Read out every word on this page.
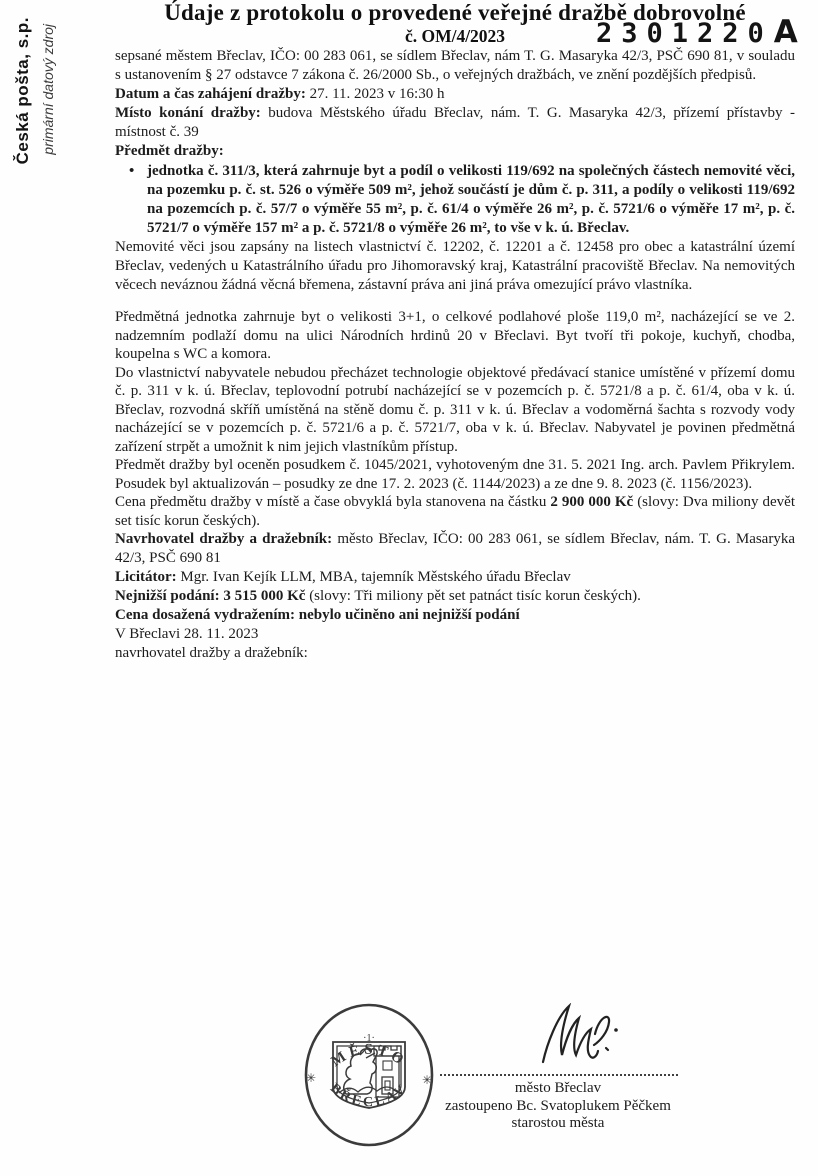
2301220A
Česká pošta, s.p. primární datový zdroj

Údaje z protokolu o provedené veřejné dražbě dobrovolné

č. OM/4/2023

sepsané městem Břeclav, IČO: 00 283 061, se sídlem Břeclav, nám T. G. Masaryka 42/3, PSČ 690 81, v souladu s ustanovením § 27 odstavce 7 zákona č. 26/2000 Sb., o veřejných dražbách, ve znění pozdějších předpisů.

Datum a čas zahájení dražby: 27. 11. 2023 v 16:30 h

Místo konání dražby: budova Městského úřadu Břeclav, nám. T. G. Masaryka 42/3, přízemí přístavby - místnost č. 39

Předmět dražby:

• jednotka č. 311/3, která zahrnuje byt a podíl o velikosti 119/692 na společných částech nemovité věci, na pozemku p. č. st. 526 o výměře 509 m², jehož součástí je dům č. p. 311, a podíly o velikosti 119/692 na pozemcích p. č. 57/7 o výměře 55 m², p. č. 61/4 o výměře 26 m², p. č. 5721/6 o výměře 17 m², p. č. 5721/7 o výměře 157 m² a p. č. 5721/8 o výměře 26 m², to vše v k. ú. Břeclav.

Nemovité věci jsou zapsány na listech vlastnictví č. 12202, č. 12201 a č. 12458 pro obec a katastrální území Břeclav, vedených u Katastrálního úřadu pro Jihomoravský kraj, Katastrální pracoviště Břeclav. Na nemovitých věcech neváznou žádná věcná břemena, zástavní práva ani jiná práva omezující právo vlastníka.

Předmětná jednotka zahrnuje byt o velikosti 3+1, o celkové podlahové ploše 119,0 m², nacházející se ve 2. nadzemním podlaží domu na ulici Národních hrdinů 20 v Břeclavi. Byt tvoří tři pokoje, kuchyň, chodba, koupelna s WC a komora.

Do vlastnictví nabyvatele nebudou přecházet technologie objektové předávací stanice umístěné v přízemí domu č. p. 311 v k. ú. Břeclav, teplovodní potrubí nacházející se v pozemcích p. č. 5721/8 a p. č. 61/4, oba v k. ú. Břeclav, rozvodná skříň umístěná na stěně domu č. p. 311 v k. ú. Břeclav a vodoměrná šachta s rozvody vody nacházející se v pozemcích p. č. 5721/6 a p. č. 5721/7, oba v k. ú. Břeclav. Nabyvatel je povinen předmětná zařízení strpět a umožnit k nim jejich vlastníkům přístup.

Předmět dražby byl oceněn posudkem č. 1045/2021, vyhotoveným dne 31. 5. 2021 Ing. arch. Pavlem Přikrylem. Posudek byl aktualizován – posudky ze dne 17. 2. 2023 (č. 1144/2023) a ze dne 9. 8. 2023 (č. 1156/2023).

Cena předmětu dražby v místě a čase obvyklá byla stanovena na částku 2 900 000 Kč (slovy: Dva miliony devět set tisíc korun českých).

Navrhovatel dražby a dražebník: město Břeclav, IČO: 00 283 061, se sídlem Břeclav, nám. T. G. Masaryka 42/3, PSČ 690 81

Licitátor: Mgr. Ivan Kejík LLM, MBA, tajemník Městského úřadu Břeclav

Nejnižší podání: 3 515 000 Kč (slovy: Tři miliony pět set patnáct tisíc korun českých).

Cena dosažená vydražením: nebylo učiněno ani nejnižší podání

V Břeclavi 28. 11. 2023

navrhovatel dražby a dražebník:

MĚSTO
BŘECLAV
·1·
✳	✳	město Břeclav
zastoupeno Bc. Svatoplukem Pěčkem
starostou města
